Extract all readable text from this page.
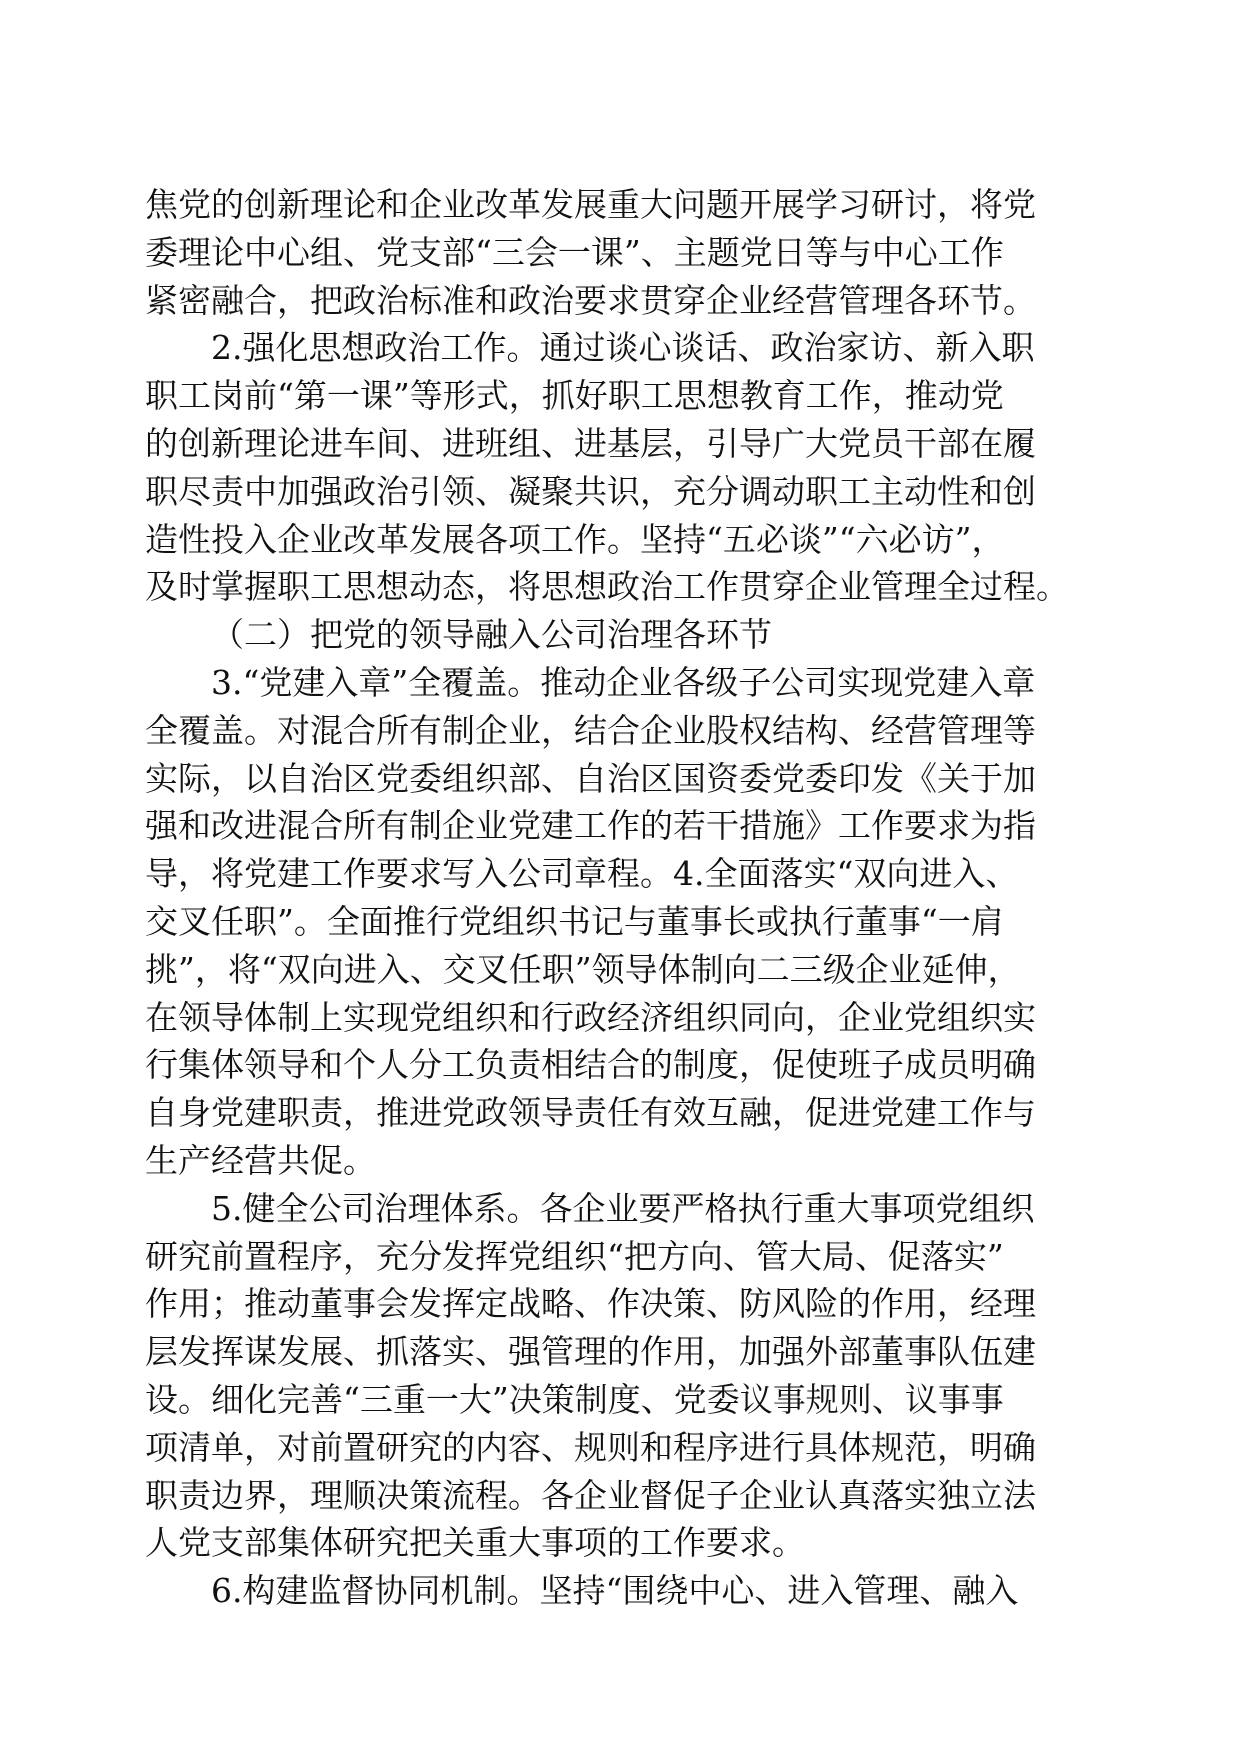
焦党的创新理论和企业改革发展重大问题开展学习研讨，将党
委理论中心组、党支部“三会一课”、主题党日等与中心工作
紧密融合，把政治标准和政治要求贯穿企业经营管理各环节。
2.强化思想政治工作。通过谈心谈话、政治家访、新入职
职工岗前“第一课”等形式，抓好职工思想教育工作，推动党
的创新理论进车间、进班组、进基层，引导广大党员干部在履
职尽责中加强政治引领、凝聚共识，充分调动职工主动性和创
造性投入企业改革发展各项工作。坚持“五必谈”“六必访”，
及时掌握职工思想动态，将思想政治工作贯穿企业管理全过程。
（二）把党的领导融入公司治理各环节
3.“党建入章”全覆盖。推动企业各级子公司实现党建入章
全覆盖。对混合所有制企业，结合企业股权结构、经营管理等
实际，以自治区党委组织部、自治区国资委党委印发《关于加
强和改进混合所有制企业党建工作的若干措施》工作要求为指
导，将党建工作要求写入公司章程。4.全面落实“双向进入、
交叉任职”。全面推行党组织书记与董事长或执行董事“一肩
挑”，将“双向进入、交叉任职”领导体制向二三级企业延伸，
在领导体制上实现党组织和行政经济组织同向，企业党组织实
行集体领导和个人分工负责相结合的制度，促使班子成员明确
自身党建职责，推进党政领导责任有效互融，促进党建工作与
生产经营共促。
5.健全公司治理体系。各企业要严格执行重大事项党组织
研究前置程序，充分发挥党组织“把方向、管大局、促落实”
作用；推动董事会发挥定战略、作决策、防风险的作用，经理
层发挥谋发展、抓落实、强管理的作用，加强外部董事队伍建
设。细化完善“三重一大”决策制度、党委议事规则、议事事
项清单，对前置研究的内容、规则和程序进行具体规范，明确
职责边界，理顺决策流程。各企业督促子企业认真落实独立法
人党支部集体研究把关重大事项的工作要求。
6.构建监督协同机制。坚持“围绕中心、进入管理、融入
